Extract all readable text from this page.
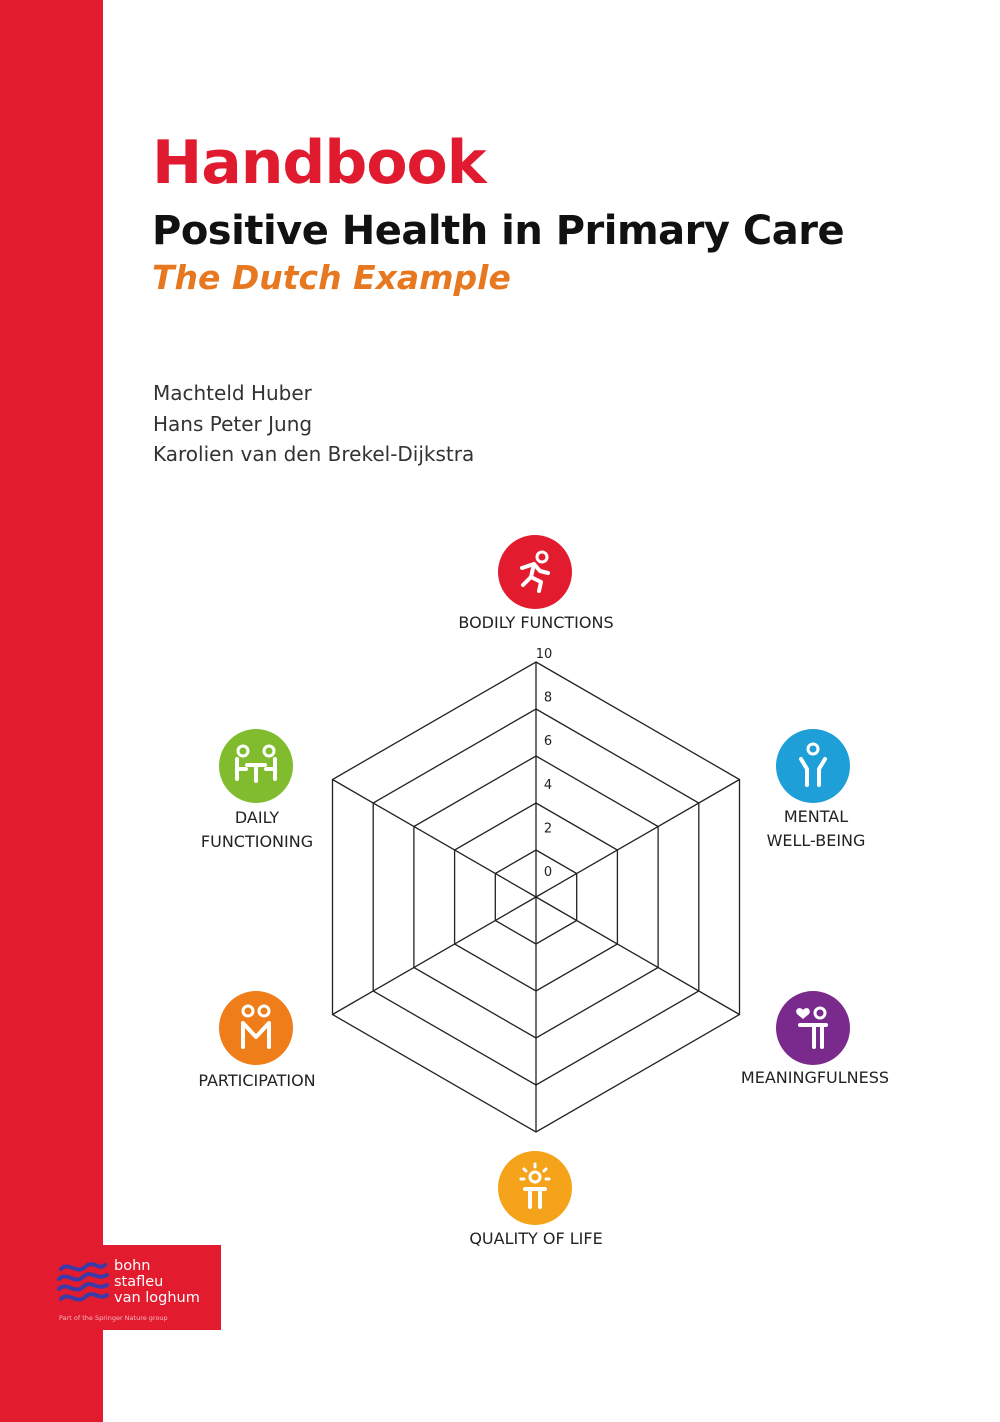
Handbook
Positive Health in Primary Care
The Dutch Example
Machteld Huber
Hans Peter Jung
Karolien van den Brekel-Dijkstra
0
2
4
6
8
10
BODILY FUNCTIONS
MENTAL
WELL-BEING
MEANINGFULNESS
QUALITY OF LIFE
PARTICIPATION
DAILY
FUNCTIONING
bohn
stafleu
van loghum
Part of the Springer Nature group
